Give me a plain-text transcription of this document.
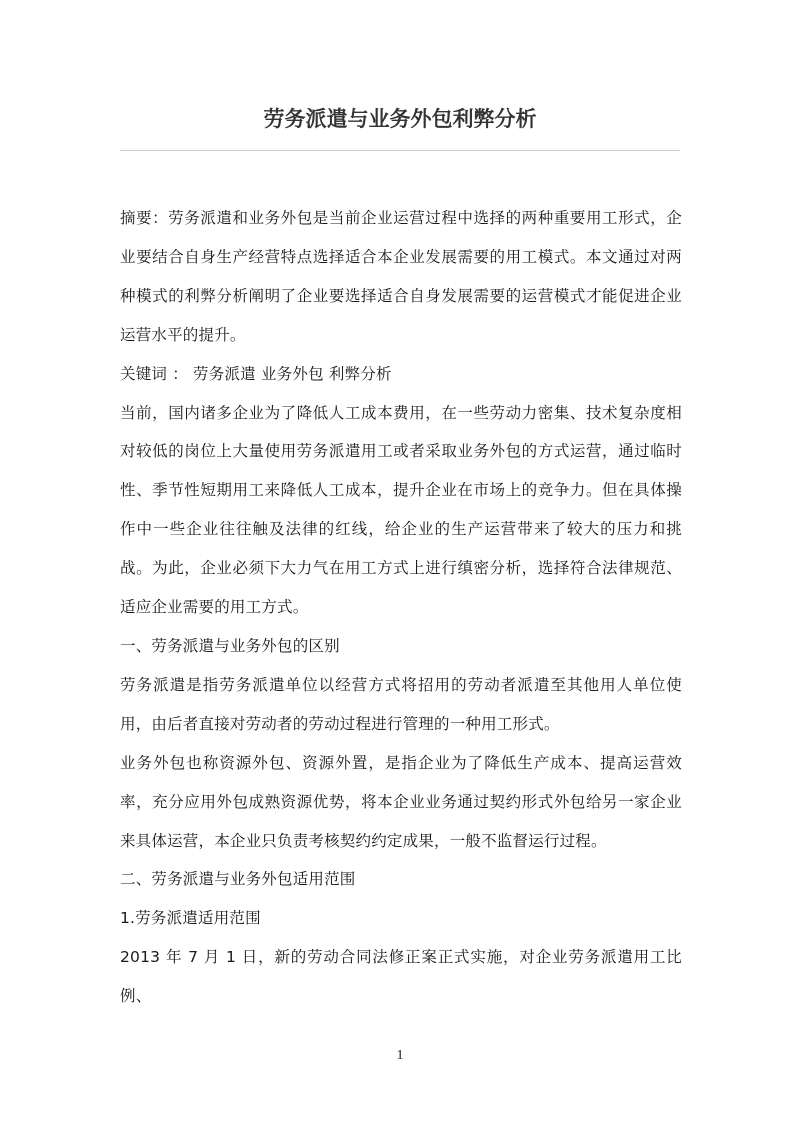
劳务派遣与业务外包利弊分析

摘要：劳务派遣和业务外包是当前企业运营过程中选择的两种重要用工形式，企业要结合自身生产经营特点选择适合本企业发展需要的用工模式。本文通过对两种模式的利弊分析阐明了企业要选择适合自身发展需要的运营模式才能促进企业运营水平的提升。

关键词 ： 劳务派遣 业务外包 利弊分析

当前，国内诸多企业为了降低人工成本费用，在一些劳动力密集、技术复杂度相对较低的岗位上大量使用劳务派遣用工或者采取业务外包的方式运营，通过临时性、季节性短期用工来降低人工成本，提升企业在市场上的竞争力。但在具体操作中一些企业往往触及法律的红线，给企业的生产运营带来了较大的压力和挑战。为此，企业必须下大力气在用工方式上进行缜密分析，选择符合法律规范、适应企业需要的用工方式。

一、劳务派遣与业务外包的区别

劳务派遣是指劳务派遣单位以经营方式将招用的劳动者派遣至其他用人单位使用，由后者直接对劳动者的劳动过程进行管理的一种用工形式。

业务外包也称资源外包、资源外置，是指企业为了降低生产成本、提高运营效率，充分应用外包成熟资源优势，将本企业业务通过契约形式外包给另一家企业来具体运营，本企业只负责考核契约约定成果，一般不监督运行过程。

二、劳务派遣与业务外包适用范围

1.劳务派遣适用范围

2013 年 7 月 1 日，新的劳动合同法修正案正式实施，对企业劳务派遣用工比例、

1
